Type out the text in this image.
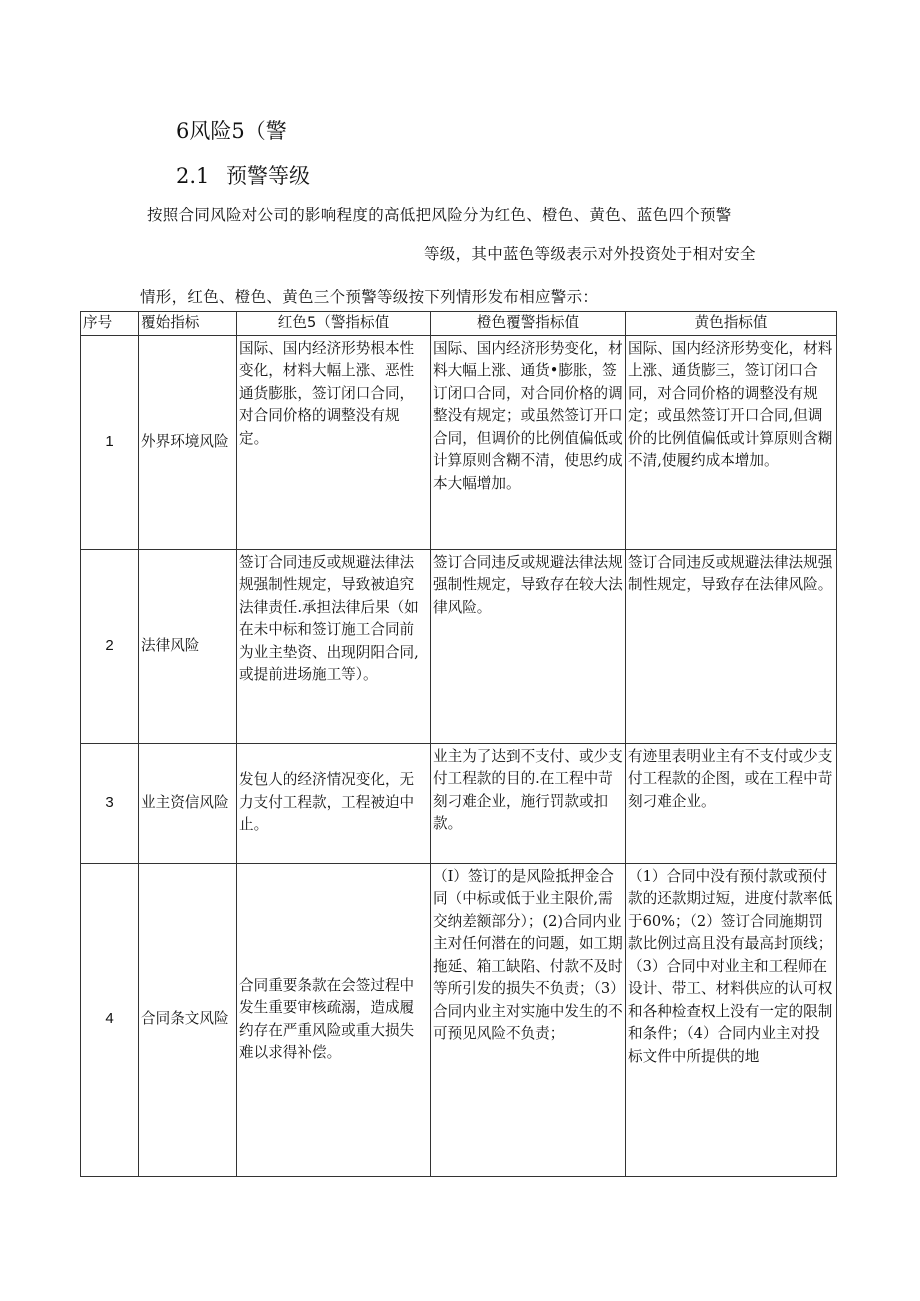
6风险5（警
2.1 预警等级
按照合同风险对公司的影响程度的高低把风险分为红色、橙色、黄色、蓝色四个预警
等级，其中蓝色等级表示对外投资处于相对安全
情形，红色、橙色、黄色三个预警等级按下列情形发布相应警示：
序号	覆始指标	红色5（警指标值	橙色覆警指标值	黄色指标值
1	外界环境风险	国际、国内经济形势根本性变化，材料大幅上涨、恶性通货膨胀，签订闭口合同，对合同价格的调整没有规定。	国际、国内经济形势变化，材料大幅上涨、通货•膨胀，签订闭口合同，对合同价格的调整没有规定；或虽然签订开口合同，但调价的比例值偏低或计算原则含糊不清，使思约成本大幅增加。	国际、国内经济形势变化，材料上涨、通货膨三，签订闭口合同，对合同价格的调整没有规定；或虽然签订开口合同,但调价的比例值偏低或计算原则含糊不清,使履约成本增加。
2	法律风险	签订合同违反或规避法律法规强制性规定，导致被追究法律责任.承担法律后果（如在未中标和签订施工合同前为业主垫资、出现阴阳合同,或提前进场施工等）。	签订合同违反或规避法律法规强制性规定，导致存在较大法律风险。	签订合同违反或规避法律法规强制性规定，导致存在法律风险。
3	业主资信风险	发包人的经济情况变化，无力支付工程款，工程被迫中止。	业主为了达到不支付、或少支付工程款的目的.在工程中苛刻刁难企业，施行罚款或扣款。	有迹里表明业主有不支付或少支付工程款的企图，或在工程中苛刻刁难企业。
4	合同条文风险	合同重要条款在会签过程中发生重要审核疏溺，造成履约存在严重风险或重大损失难以求得补偿。	（I）签订的是风险抵押金合同（中标或低于业主限价,需交纳差额部分）；(2)合同内业主对任何潜在的问题，如工期拖延、箱工缺陷、付款不及时等所引发的损失不负责；（3）合同内业主对实施中发生的不可预见风险不负责；	（1）合同中没有预付款或预付款的还款期过短，进度付款率低于60%；（2）签订合同施期罚款比例过高且没有最高封顶线；（3）合同中对业主和工程师在设计、带工、材料供应的认可权和各种检查权上没有一定的限制和条件；（4）合同内业主对投标文件中所提供的地
